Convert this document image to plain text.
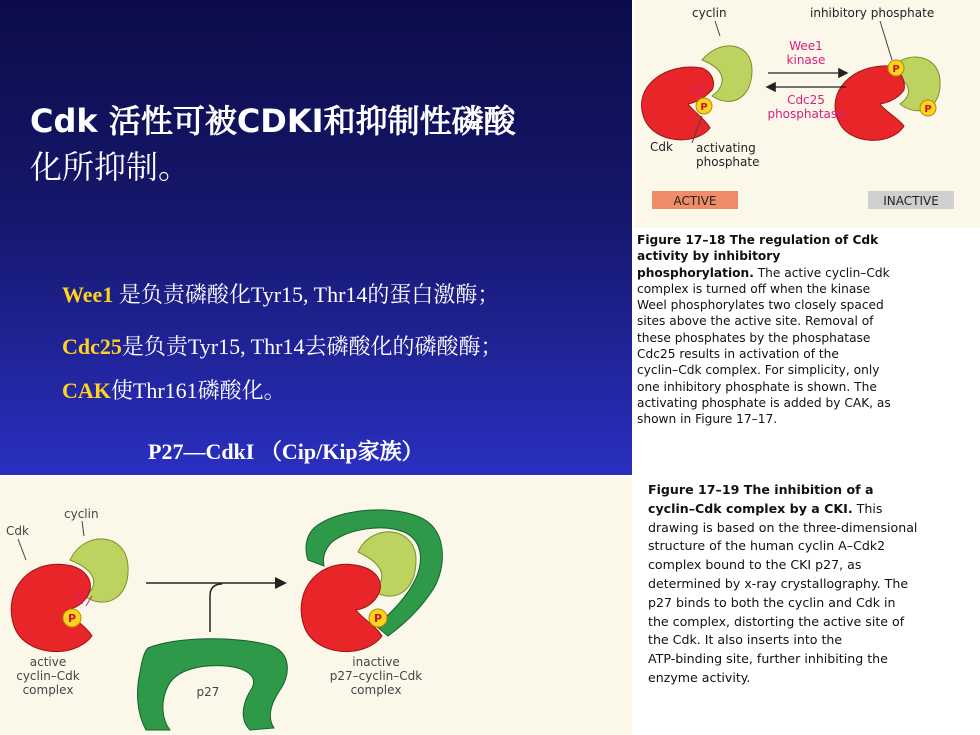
Cdk 活性可被CDKI和抑制性磷酸
化所抑制。
Wee1 是负责磷酸化Tyr15, Thr14的蛋白激酶；
Cdc25是负责Tyr15, Thr14去磷酸化的磷酸酶；
CAK使Thr161磷酸化。
P27—CdkI （Cip/Kip家族）
cyclin	inhibitory phosphate
P
P
P
Wee1
kinase
Cdc25
phosphatase
Cdk activating
phosphate
ACTIVE	INACTIVE
cyclin
Cdk
P
active
cyclin–Cdk
complex	p27
P
inactive
p27–cyclin–Cdk
complex
Figure 17–18 The regulation of Cdk
activity by inhibitory
phosphorylation. The active cyclin–Cdk
complex is turned off when the kinase
Weel phosphorylates two closely spaced
sites above the active site. Removal of
these phosphates by the phosphatase
Cdc25 results in activation of the
cyclin–Cdk complex. For simplicity, only
one inhibitory phosphate is shown. The
activating phosphate is added by CAK, as
shown in Figure 17–17.
Figure 17–19 The inhibition of a
cyclin–Cdk complex by a CKI. This
drawing is based on the three-dimensional
structure of the human cyclin A–Cdk2
complex bound to the CKI p27, as
determined by x-ray crystallography. The
p27 binds to both the cyclin and Cdk in
the complex, distorting the active site of
the Cdk. It also inserts into the
ATP-binding site, further inhibiting the
enzyme activity.
